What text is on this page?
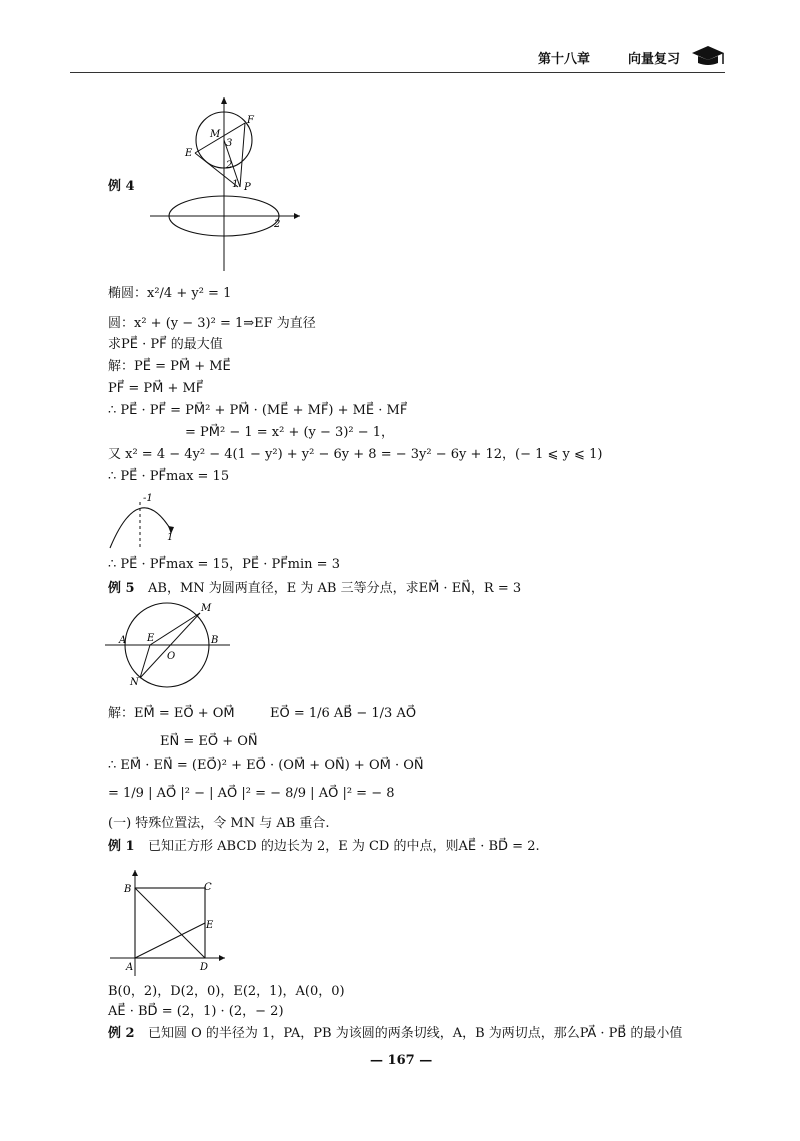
第十八章	向量复习
M
F
E
P
3
2
1
2
例 4
椭圆：x²/4 + y² = 1
圆：x² + (y − 3)² = 1⇒EF 为直径
求PE⃗ · PF⃗ 的最大值
解：PE⃗ = PM⃗ + ME⃗
PF⃗ = PM⃗ + MF⃗
∴ PE⃗ · PF⃗ = PM⃗² + PM⃗ · (ME⃗ + MF⃗) + ME⃗ · MF⃗
= PM⃗² − 1 = x² + (y − 3)² − 1，
又 x² = 4 − 4y² − 4(1 − y²) + y² − 6y + 8 = − 3y² − 6y + 12，(− 1 ⩽ y ⩽ 1)
∴ PE⃗ · PF⃗max = 15
-1
1
∴ PE⃗ · PF⃗max = 15，PE⃗ · PF⃗min = 3
例 5 AB，MN 为圆两直径，E 为 AB 三等分点，求EM⃗ · EN⃗，R = 3
M
A E	B
O
N
解：EM⃗ = EO⃗ + OM⃗	EO⃗ = 1/6 AB⃗ − 1/3 AO⃗
EN⃗ = EO⃗ + ON⃗
∴ EM⃗ · EN⃗ = (EO⃗)² + EO⃗ · (OM⃗ + ON⃗) + OM⃗ · ON⃗
= 1/9 | AO⃗ |² − | AO⃗ |² = − 8/9 | AO⃗ |² = − 8
(一) 特殊位置法，令 MN 与 AB 重合.
例 1 已知正方形 ABCD 的边长为 2，E 为 CD 的中点，则AE⃗ · BD⃗ = 2.
B	C
E
A	D
B(0，2)，D(2，0)，E(2，1)，A(0，0)
AE⃗ · BD⃗ = (2，1) · (2，− 2)
例 2 已知圆 O 的半径为 1，PA，PB 为该圆的两条切线，A，B 为两切点，那么PA⃗ · PB⃗ 的最小值
— 167 —
